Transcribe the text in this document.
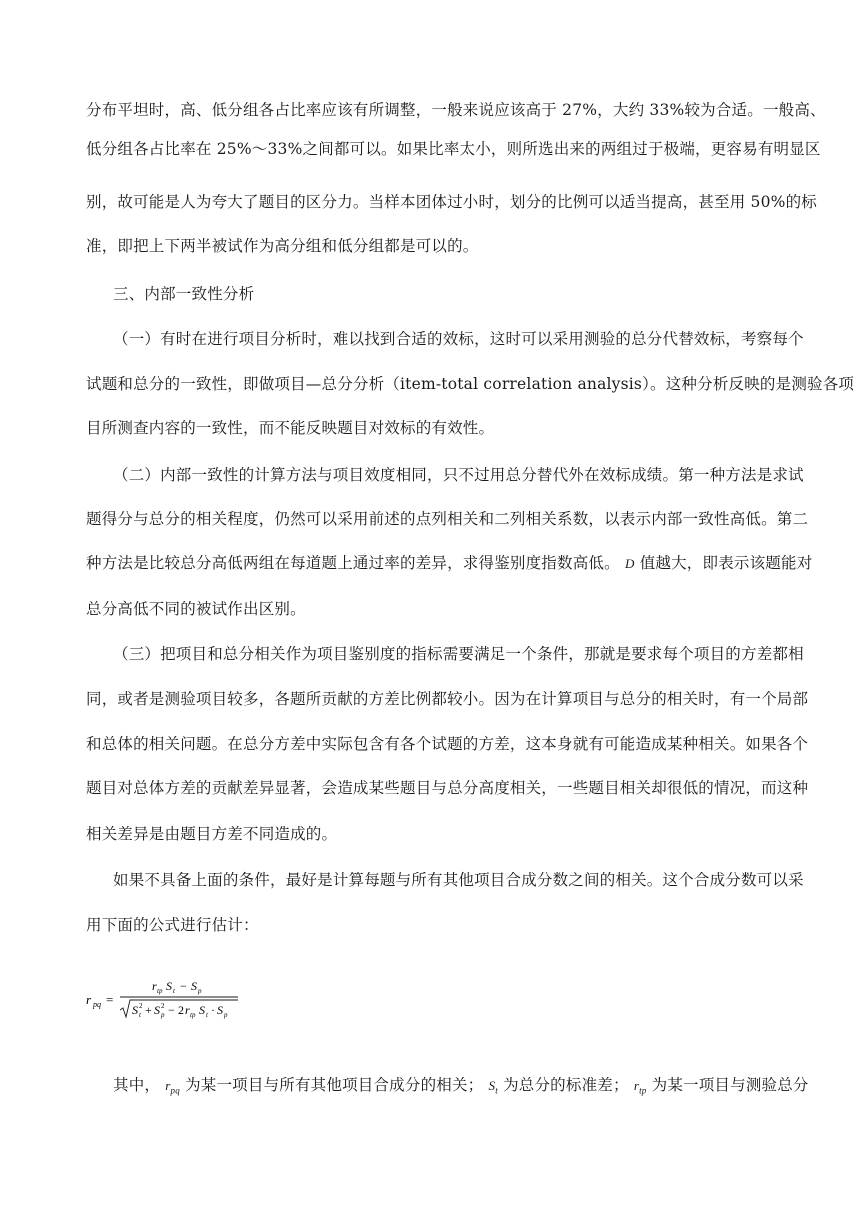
分布平坦时，高、低分组各占比率应该有所调整，一般来说应该高于 27%，大约 33%较为合适。一般高、
低分组各占比率在 25%～33%之间都可以。如果比率太小，则所选出来的两组过于极端，更容易有明显区
别，故可能是人为夸大了题目的区分力。当样本团体过小时，划分的比例可以适当提高，甚至用 50%的标
准，即把上下两半被试作为高分组和低分组都是可以的。
三、内部一致性分析
（一）有时在进行项目分析时，难以找到合适的效标，这时可以采用测验的总分代替效标，考察每个
试题和总分的一致性，即做项目—总分分析（item-total correlation analysis）。这种分析反映的是测验各项
目所测查内容的一致性，而不能反映题目对效标的有效性。
（二）内部一致性的计算方法与项目效度相同，只不过用总分替代外在效标成绩。第一种方法是求试
题得分与总分的相关程度，仍然可以采用前述的点列相关和二列相关系数，以表示内部一致性高低。第二
种方法是比较总分高低两组在每道题上通过率的差异，求得鉴别度指数高低。 D 值越大，即表示该题能对
总分高低不同的被试作出区别。
（三）把项目和总分相关作为项目鉴别度的指标需要满足一个条件，那就是要求每个项目的方差都相
同，或者是测验项目较多，各题所贡献的方差比例都较小。因为在计算项目与总分的相关时，有一个局部
和总体的相关问题。在总分方差中实际包含有各个试题的方差，这本身就有可能造成某种相关。如果各个
题目对总体方差的贡献差异显著，会造成某些题目与总分高度相关，一些题目相关却很低的情况，而这种
相关差异是由题目方差不同造成的。
如果不具备上面的条件，最好是计算每题与所有其他项目合成分数之间的相关。这个合成分数可以采
用下面的公式进行估计：
r pq =
r tp S t − S p
S 2
t + S 2
p − 2 r tp S t · S p
其中， $r_{pq}$ 为某一项目与所有其他项目合成分的相关； $S_t$ 为总分的标准差； $r_{tp}$ 为某一项目与测验总分
